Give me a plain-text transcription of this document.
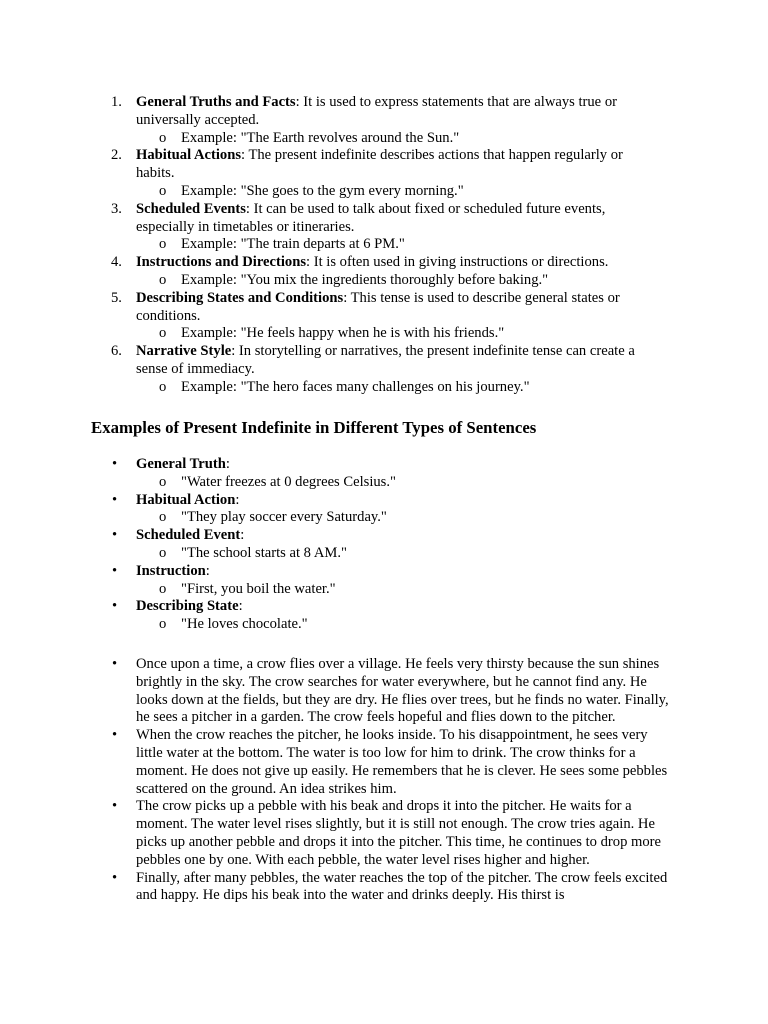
1. General Truths and Facts: It is used to express statements that are always true or universally accepted.
o Example: "The Earth revolves around the Sun."
2. Habitual Actions: The present indefinite describes actions that happen regularly or habits.
o Example: "She goes to the gym every morning."
3. Scheduled Events: It can be used to talk about fixed or scheduled future events, especially in timetables or itineraries.
o Example: "The train departs at 6 PM."
4. Instructions and Directions: It is often used in giving instructions or directions.
o Example: "You mix the ingredients thoroughly before baking."
5. Describing States and Conditions: This tense is used to describe general states or conditions.
o Example: "He feels happy when he is with his friends."
6. Narrative Style: In storytelling or narratives, the present indefinite tense can create a sense of immediacy.
o Example: "The hero faces many challenges on his journey."
Examples of Present Indefinite in Different Types of Sentences
• General Truth:
o "Water freezes at 0 degrees Celsius."
• Habitual Action:
o "They play soccer every Saturday."
• Scheduled Event:
o "The school starts at 8 AM."
• Instruction:
o "First, you boil the water."
• Describing State:
o "He loves chocolate."
• Once upon a time, a crow flies over a village. He feels very thirsty because the sun shines brightly in the sky. The crow searches for water everywhere, but he cannot find any. He looks down at the fields, but they are dry. He flies over trees, but he finds no water. Finally, he sees a pitcher in a garden. The crow feels hopeful and flies down to the pitcher.
• When the crow reaches the pitcher, he looks inside. To his disappointment, he sees very little water at the bottom. The water is too low for him to drink. The crow thinks for a moment. He does not give up easily. He remembers that he is clever. He sees some pebbles scattered on the ground. An idea strikes him.
• The crow picks up a pebble with his beak and drops it into the pitcher. He waits for a moment. The water level rises slightly, but it is still not enough. The crow tries again. He picks up another pebble and drops it into the pitcher. This time, he continues to drop more pebbles one by one. With each pebble, the water level rises higher and higher.
• Finally, after many pebbles, the water reaches the top of the pitcher. The crow feels excited and happy. He dips his beak into the water and drinks deeply. His thirst is
